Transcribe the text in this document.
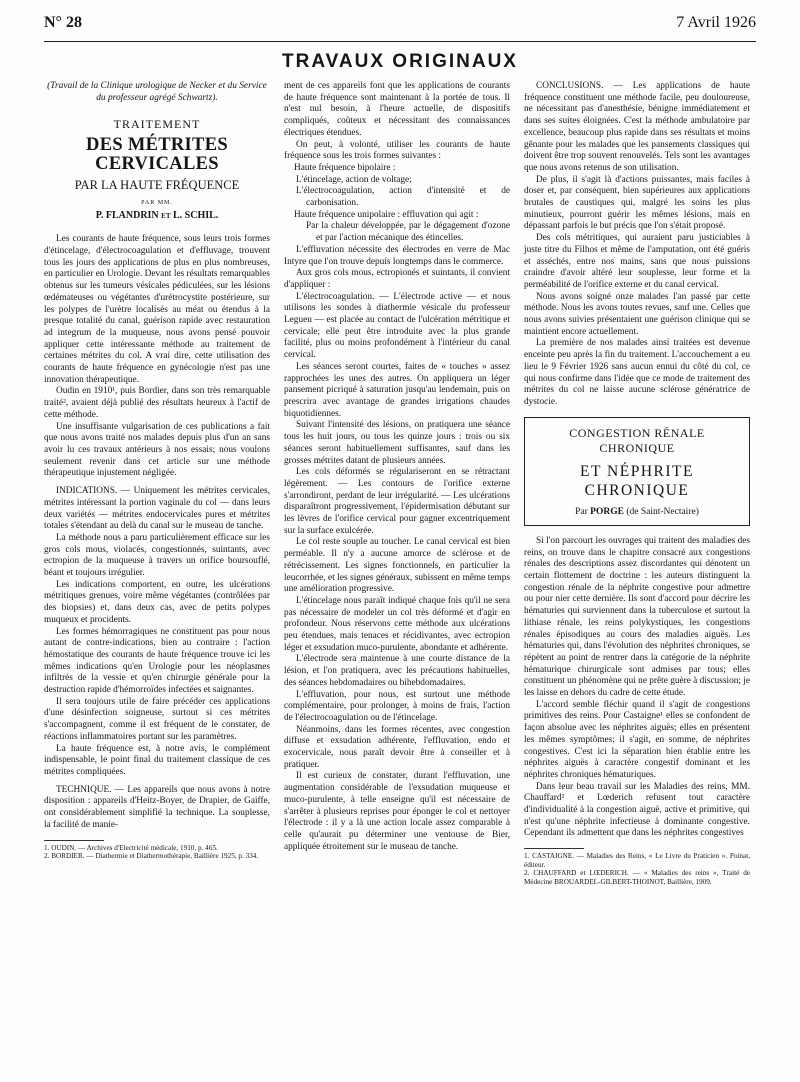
N° 28	7 Avril 1926
TRAVAUX ORIGINAUX
(Travail de la Clinique urologique de Necker et du Service du professeur agrégé Schwartz).
TRAITEMENT
DES MÉTRITES CERVICALES
PAR LA HAUTE FRÉQUENCE
PAR MM.
P. FLANDRIN et L. SCHIL.

Les courants de haute fréquence, sous leurs trois formes d'étincelage, d'électrocoagulation et d'effluvage, trouvent tous les jours des applications de plus en plus nombreuses, en particulier en Urologie. Devant les résultats remarquables obtenus sur les tumeurs vésicales pédiculées, sur les lésions œdémateuses ou végétantes d'urétrocystite postérieure, sur les polypes de l'urètre localisés au méat ou étendus à la presque totalité du canal, guérison rapide avec restauration ad integrum de la muqueuse, nous avons pensé pouvoir appliquer cette intéressante méthode au traitement de certaines métrites du col. A vrai dire, cette utilisation des courants de haute fréquence en gynécologie n'est pas une innovation thérapeutique.

Oudin en 1910¹, puis Bordier, dans son très remarquable traité², avaient déjà publié des résultats heureux à l'actif de cette méthode.

Une insuffisante vulgarisation de ces publications a fait que nous avons traité nos malades depuis plus d'un an sans avoir lu ces travaux antérieurs à nos essais; nous voulons seulement revenir dans cet article sur une méthode thérapeutique injustement négligée.

INDICATIONS. — Uniquement les métrites cervicales, métrites intéressant la portion vaginale du col — dans leurs deux variétés — métrites endocervicales pures et métrites totales s'étendant au delà du canal sur le museau de tanche.

La méthode nous a paru particulièrement efficace sur les gros cols mous, violacés, congestionnés, suintants, avec ectropion de la muqueuse à travers un orifice boursouflé, béant et toujours irrégulier.

Les indications comportent, en outre, les ulcérations métritiques grenues, voire même végétantes (contrôlées par des biopsies) et, dans deux cas, avec de petits polypes muqueux et procidents.

Les formes hémorragiques ne constituent pas pour nous autant de contre-indications, bien au contraire : l'action hémostatique des courants de haute fréquence trouve ici les mêmes indications qu'en Urologie pour les néoplasmes infiltrés de la vessie et qu'en chirurgie générale pour la destruction rapide d'hémorroïdes infectées et saignantes.

Il sera toujours utile de faire précéder ces applications d'une désinfection soigneuse, surtout si ces métrites s'accompagnent, comme il est fréquent de le constater, de réactions inflammatoires portant sur les paramètres.

La haute fréquence est, à notre avis, le complément indispensable, le point final du traitement classique de ces métrites compliquées.

TECHNIQUE. — Les appareils que nous avons à notre disposition : appareils d'Heitz-Boyer, de Drapier, de Gaiffe, ont considérablement simplifié la technique. La souplesse, la facilité de manie-

1. OUDIN. — Archives d'Electricité médicale, 1910, p. 465.

2. BORDIER. — Diathermie et Diathermothérapie, Baillière 1925, p. 334.

ment de ces appareils font que les applications de courants de haute fréquence sont maintenant à la portée de tous. Il n'est nul besoin, à l'heure actuelle, de dispositifs compliqués, coûteux et nécessitant des connaissances électriques étendues.

On peut, à volonté, utiliser les courants de haute fréquence sous les trois formes suivantes :

Haute fréquence bipolaire :

L'étincelage, action de voltage;

L'électrocoagulation, action d'intensité et de carbonisation.

Haute fréquence unipolaire : effluvation qui agit :

Par la chaleur développée, par le dégagement d'ozone et par l'action mécanique des étincelles.

L'effluvation nécessite des électrodes en verre de Mac Intyre que l'on trouve depuis longtemps dans le commerce.

Aux gros cols mous, ectropionés et suintants, il convient d'appliquer :

L'électrocoagulation. — L'électrode active — et nous utilisons les sondes à diathermie vésicale du professeur Legueu — est placée au contact de l'ulcération métritique et cervicale; elle peut être introduite avec la plus grande facilité, plus ou moins profondément à l'intérieur du canal cervical.

Les séances seront courtes, faites de « touches » assez rapprochées les unes des autres. On appliquera un léger pansement picriqué à saturation jusqu'au lendemain, puis on prescrira avec avantage de grandes irrigations chaudes biquotidiennes.

Suivant l'intensité des lésions, on pratiquera une séance tous les huit jours, ou tous les quinze jours : trois ou six séances seront habituellement suffisantes, sauf dans les grosses métrites datant de plusieurs années.

Les cols déformés se régulariseront en se rétractant légèrement. — Les contours de l'orifice externe s'arrondiront, perdant de leur irrégularité. — Les ulcérations disparaîtront progressivement, l'épidermisation débutant sur les lèvres de l'orifice cervical pour gagner excentriquement sur la surface exulcérée.

Le col reste souple au toucher. Le canal cervical est bien perméable. Il n'y a aucune amorce de sclérose et de rétrécissement. Les signes fonctionnels, en particulier la leucorrhée, et les signes généraux, subissent en même temps une amélioration progressive.

L'étincelage nous paraît indiqué chaque fois qu'il ne sera pas nécessaire de modeler un col très déformé et d'agir en profondeur. Nous réservons cette méthode aux ulcérations peu étendues, mais tenaces et récidivantes, avec ectropion léger et exsudation muco-purulente, abondante et adhérente.

L'électrode sera maintenue à une courte distance de la lésion, et l'on pratiquera, avec les précautions habituelles, des séances hebdomadaires ou bihebdomadaires.

L'effluvation, pour nous, est surtout une méthode complémentaire, pour prolonger, à moins de frais, l'action de l'électrocoagulation ou de l'étincelage.

Néanmoins, dans les formes récentes, avec congestion diffuse et exsudation adhérente, l'effluvation, endo et exocervicale, nous paraît devoir être à conseiller et à pratiquer.

Il est curieux de constater, durant l'effluvation, une augmentation considérable de l'exsudation muqueuse et muco-purulente, à telle enseigne qu'il est nécessaire de s'arrêter à plusieurs reprises pour éponger le col et nettoyer l'électrode : il y a là une action locale assez comparable à celle qu'aurait pu déterminer une ventouse de Bier, appliquée étroitement sur le museau de tanche.

CONCLUSIONS. — Les applications de haute fréquence constituent une méthode facile, peu douloureuse, ne nécessitant pas d'anesthésie, bénigne immédiatement et dans ses suites éloignées. C'est la méthode ambulatoire par excellence, beaucoup plus rapide dans ses résultats et moins gênante pour les malades que les pansements classiques qui doivent être trop souvent renouvelés. Tels sont les avantages que nous avons retenus de son utilisation.

De plus, il s'agit là d'actions puissantes, mais faciles à doser et, par conséquent, bien supérieures aux applications brutales de caustiques qui, malgré les soins les plus minutieux, pourront guérir les mêmes lésions, mais en dépassant parfois le but précis que l'on s'était proposé.

Des cols métritiques, qui auraient paru justiciables à juste titre du Filhos et même de l'amputation, ont été guéris et asséchés, entre nos mains, sans que nous puissions craindre d'avoir altéré leur souplesse, leur forme et la perméabilité de l'orifice externe et du canal cervical.

Nous avons soigné onze malades l'an passé par cette méthode. Nous les avons toutes revues, sauf une. Celles que nous avons suivies présentaient une guérison clinique qui se maintient encore actuellement.

La première de nos malades ainsi traitées est devenue enceinte peu après la fin du traitement. L'accouchement a eu lieu le 9 Février 1926 sans aucun ennui du côté du col, ce qui nous confirme dans l'idée que ce mode de traitement des métrites du col ne laisse aucune sclérose génératrice de dystocie.

CONGESTION RÉNALE CHRONIQUE
ET NÉPHRITE CHRONIQUE
Par PORGE (de Saint-Nectaire)

Si l'on parcourt les ouvrages qui traitent des maladies des reins, on trouve dans le chapitre consacré aux congestions rénales des descriptions assez discordantes qui dénotent un certain flottement de doctrine : les auteurs distinguent la congestion rénale de la néphrite congestive pour admettre ou pour nier cette dernière. Ils sont d'accord pour décrire les hématuries qui surviennent dans la tuberculose et surtout la lithiase rénale, les reins polykystiques, les congestions rénales épisodiques au cours des maladies aiguës. Les hématuries qui, dans l'évolution des néphrites chroniques, se répètent au point de rentrer dans la catégorie de la néphrite hématurique chirurgicale sont admises par tous; elles constituent un phénomène qui ne prête guère à discussion; je les laisse en dehors du cadre de cette étude.

L'accord semble fléchir quand il s'agit de congestions primitives des reins. Pour Castaigne¹ elles se confondent de façon absolue avec les néphrites aiguës; elles en présentent les mêmes symptômes; il s'agit, en somme, de néphrites congestives. C'est ici la séparation bien établie entre les néphrites aiguës à caractère congestif dominant et les néphrites chroniques hématuriques.

Dans leur beau travail sur les Maladies des reins, MM. Chauffard² et Lœderich refusent tout caractère d'individualité à la congestion aiguë, active et primitive, qui n'est qu'une néphrite infectieuse à dominante congestive. Cependant ils admettent que dans les néphrites congestives

1. CASTAIGNE. — Maladies des Reins, « Le Livre du Praticien ». Poinat, éditeur.

2. CHAUFFARD et LŒDERICH. — « Maladies des reins », Traité de Médecine BROUARDEL-GILBERT-THOINOT, Baillière, 1909.
